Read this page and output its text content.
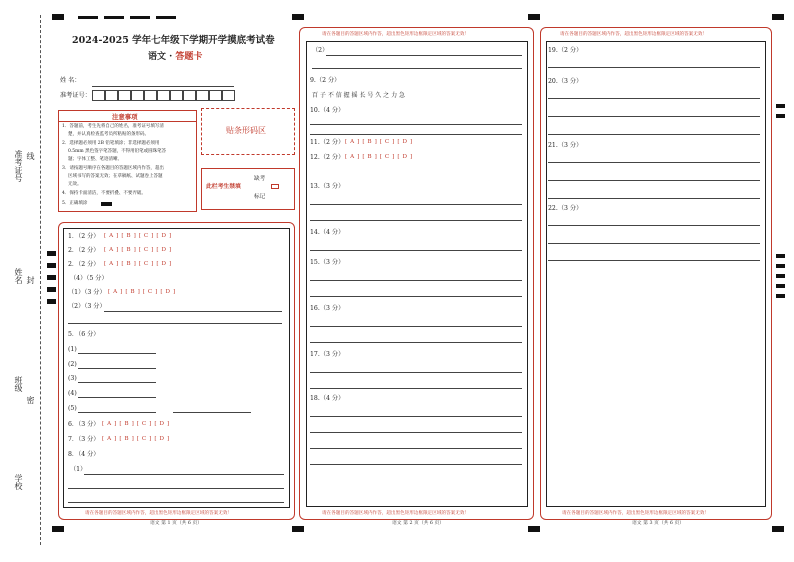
准考证号 线
姓名 封
班级
密
学校
2024-2025 学年七年级下学期开学摸底考试卷
语文 · 答题卡
姓 名：
准考证号：
注意事项
1．答题前，考生先将自己的姓名，准考证号填写清
楚，并认真检查监考员所粘贴的条形码。
2．选择题必须用 2B 铅笔填涂；非选择题必须用
0.5mm 黑色签字笔答题，不得用铅笔或圆珠笔答
题；字体工整、笔迹清晰。
3．请按题号顺序在各题目的答题区域内作答，超出
区域书写的答案无效；在草稿纸、试题卷上答题
无效。
4．保持卡面清洁，不要折叠、不要弄破。
5．正确填涂
贴条形码区
此栏考生禁填
缺考
标记
1．（2 分） [ A ] [ B ] [ C ] [ D ]
2．（2 分） [ A ] [ B ] [ C ] [ D ]
2．（2 分） [ A ] [ B ] [ C ] [ D ]
（4）（5 分）
（1）（3 分） [ A ] [ B ] [ C ] [ D ]
（2）（3 分）
5．（6 分）
(1)
(2)
(3)
(4)
(5)
6．（3 分） [ A ] [ B ] [ C ] [ D ]
7．（3 分） [ A ] [ B ] [ C ] [ D ]
8．（4 分）
（1）
请在各题目的答题区域内作答，超出黑色矩形边框限定区域的答案无效！
语文 第 1 页（共 6 页）
请在各题目的答题区域内作答，超出黑色矩形边框限定区域的答案无效！
（2）
9.（2 分）
百 子 不 信 握 摇 长 号 久 之 力 急
10.（4 分）
11.（2 分） [ A ] [ B ] [ C ] [ D ]
12.（2 分） [ A ] [ B ] [ C ] [ D ]
13.（3 分）
14.（4 分）
15.（3 分）
16.（3 分）
17.（3 分）
18.（4 分）
请在各题目的答题区域内作答，超出黑色矩形边框限定区域的答案无效！
语文 第 2 页（共 6 页）
请在各题目的答题区域内作答，超出黑色矩形边框限定区域的答案无效！
19.（2 分）
20.（3 分）
21.（3 分）
22.（3 分）
请在各题目的答题区域内作答，超出黑色矩形边框限定区域的答案无效！
语文 第 3 页（共 6 页）
